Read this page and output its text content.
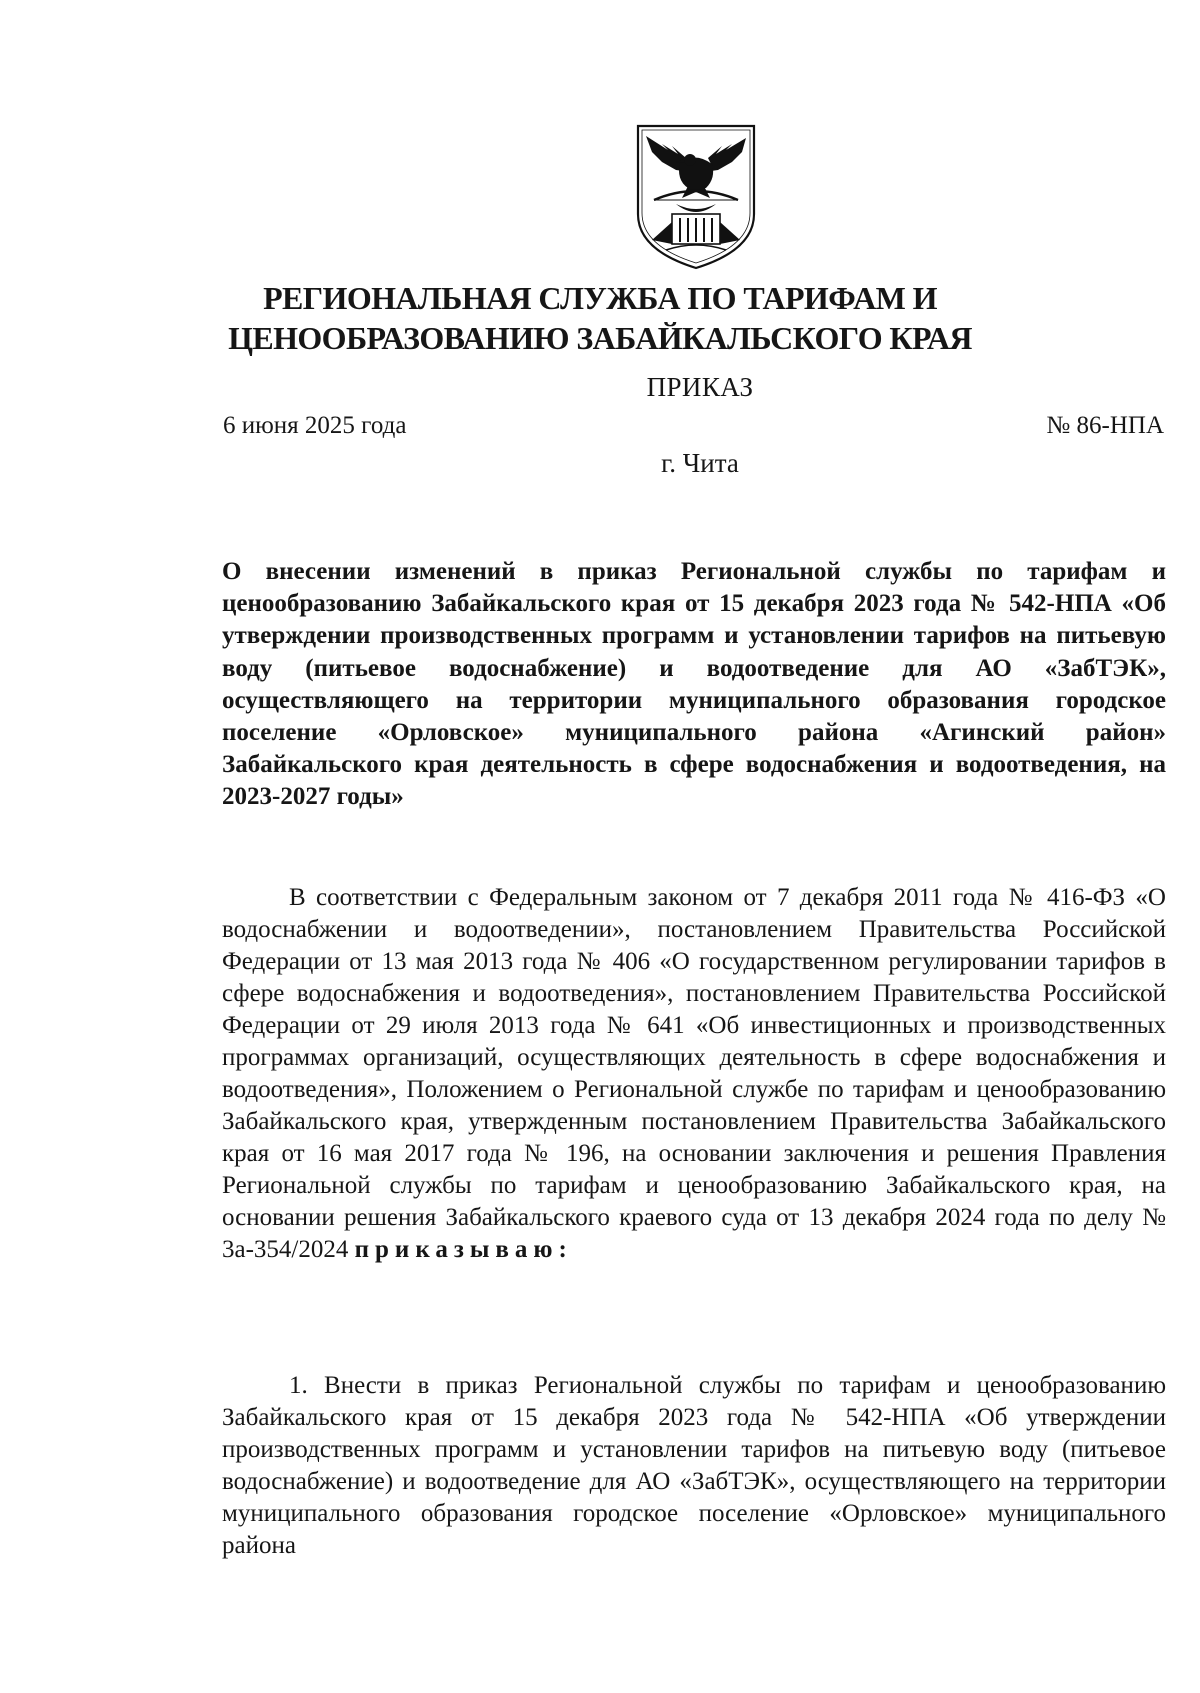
РЕГИОНАЛЬНАЯ СЛУЖБА ПО ТАРИФАМ И
ЦЕНООБРАЗОВАНИЮ ЗАБАЙКАЛЬСКОГО КРАЯ
ПРИКАЗ
6 июня 2025 года	№ 86-НПА
г. Чита
О внесении изменений в приказ Региональной службы по тарифам и ценообразованию Забайкальского края от 15 декабря 2023 года № 542-НПА «Об утверждении производственных программ и установлении тарифов на питьевую воду (питьевое водоснабжение) и водоотведение для АО «ЗабТЭК», осуществляющего на территории муниципального образования городское поселение «Орловское» муниципального района «Агинский район» Забайкальского края деятельность в сфере водоснабжения и водоотведения, на 2023-2027 годы»
В соответствии с Федеральным законом от 7 декабря 2011 года № 416-ФЗ «О водоснабжении и водоотведении», постановлением Правительства Российской Федерации от 13 мая 2013 года № 406 «О государственном регулировании тарифов в сфере водоснабжения и водоотведения», постановлением Правительства Российской Федерации от 29 июля 2013 года № 641 «Об инвестиционных и производственных программах организаций, осуществляющих деятельность в сфере водоснабжения и водоотведения», Положением о Региональной службе по тарифам и ценообразованию Забайкальского края, утвержденным постановлением Правительства Забайкальского края от 16 мая 2017 года № 196, на основании заключения и решения Правления Региональной службы по тарифам и ценообразованию Забайкальского края, на основании решения Забайкальского краевого суда от 13 декабря 2024 года по делу № 3а-354/2024 приказываю:
1. Внести в приказ Региональной службы по тарифам и ценообразованию Забайкальского края от 15 декабря 2023 года № 542-НПА «Об утверждении производственных программ и установлении тарифов на питьевую воду (питьевое водоснабжение) и водоотведение для АО «ЗабТЭК», осуществляющего на территории муниципального образования городское поселение «Орловское» муниципального района
